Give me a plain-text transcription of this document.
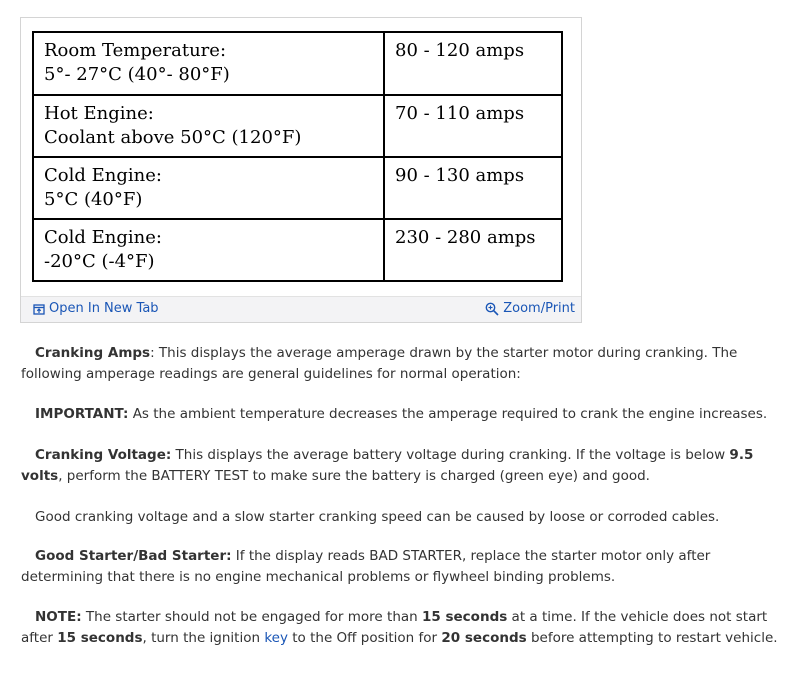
Room Temperature:
5°- 27°C (40°- 80°F)
80 - 120 amps
Hot Engine:
Coolant above 50°C (120°F)
70 - 110 amps
Cold Engine:
5°C (40°F)
90 - 130 amps
Cold Engine:
-20°C (-4°F)
230 - 280 amps
Open In New Tab	Zoom/Print

Cranking Amps: This displays the average amperage drawn by the starter motor during cranking. The following amperage readings are general guidelines for normal operation:

IMPORTANT: As the ambient temperature decreases the amperage required to crank the engine increases.

Cranking Voltage: This displays the average battery voltage during cranking. If the voltage is below 9.5 volts, perform the BATTERY TEST to make sure the battery is charged (green eye) and good.

Good cranking voltage and a slow starter cranking speed can be caused by loose or corroded cables.

Good Starter/Bad Starter: If the display reads BAD STARTER, replace the starter motor only after determining that there is no engine mechanical problems or flywheel binding problems.

NOTE: The starter should not be engaged for more than 15 seconds at a time. If the vehicle does not start after 15 seconds, turn the ignition key to the Off position for 20 seconds before attempting to restart vehicle.
